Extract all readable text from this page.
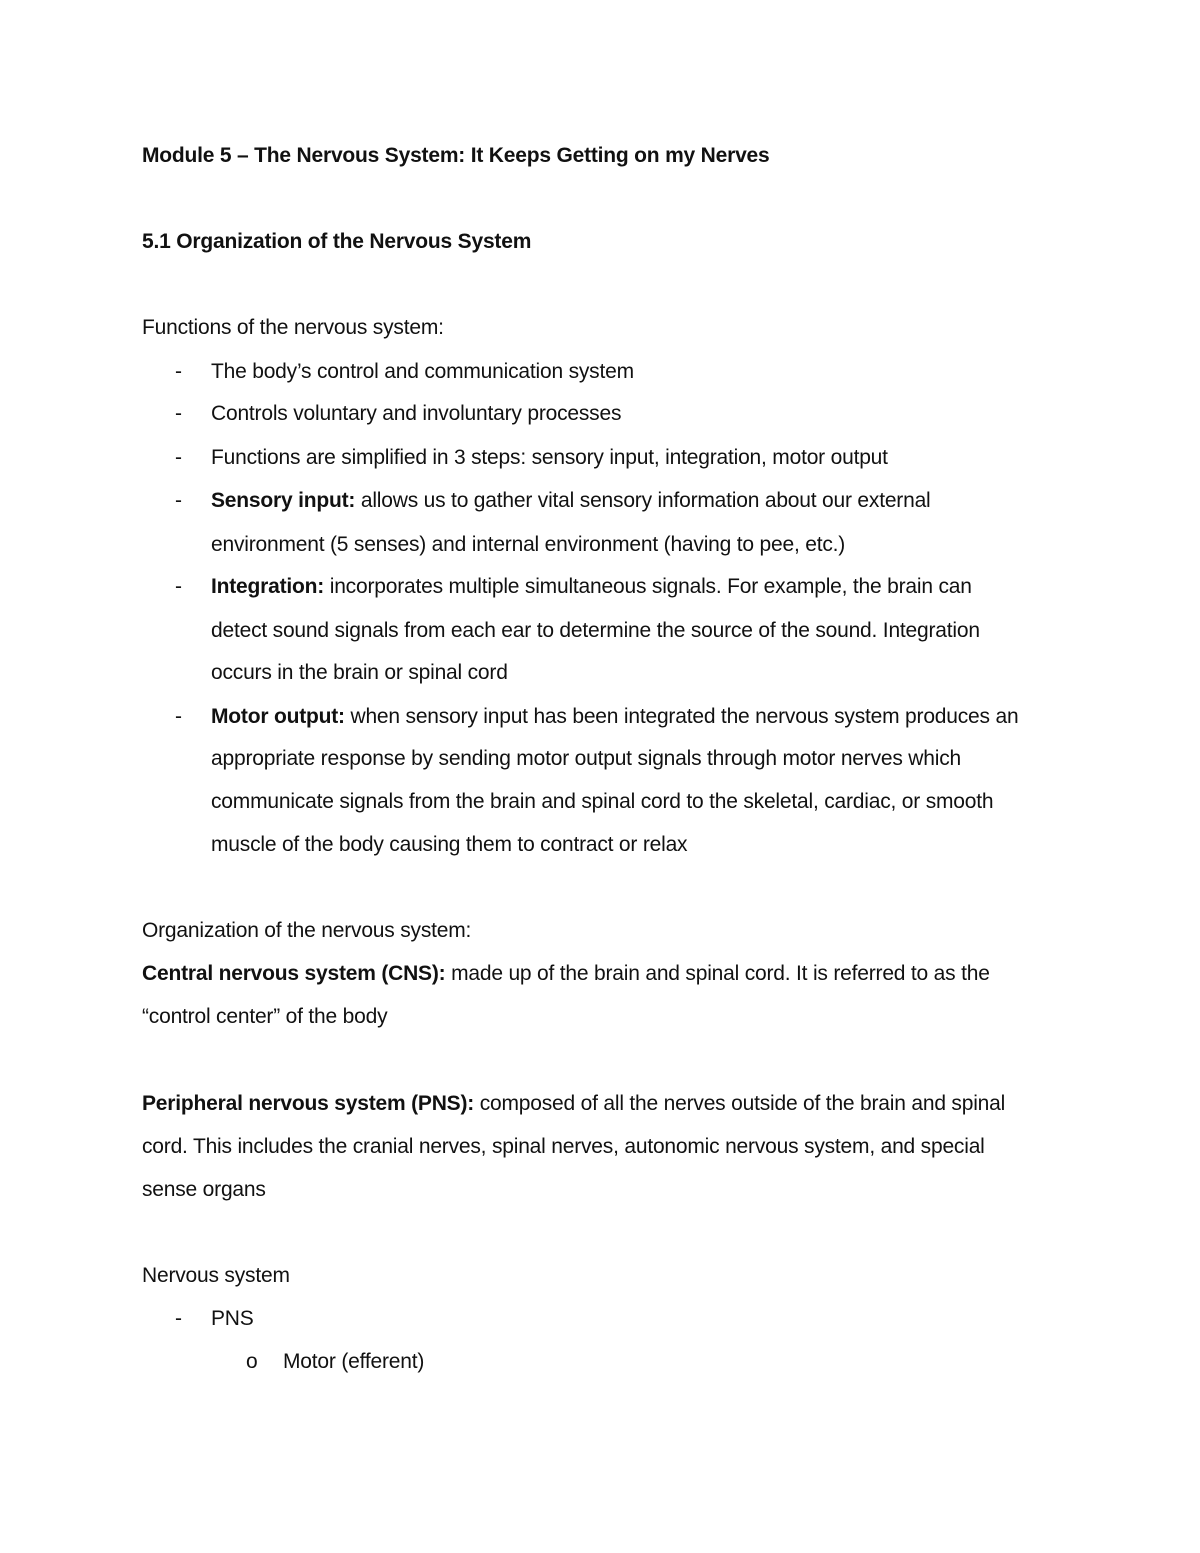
Module 5 – The Nervous System: It Keeps Getting on my Nerves
5.1 Organization of the Nervous System
Functions of the nervous system:
- The body’s control and communication system
- Controls voluntary and involuntary processes
- Functions are simplified in 3 steps: sensory input, integration, motor output
- Sensory input: allows us to gather vital sensory information about our external
environment (5 senses) and internal environment (having to pee, etc.)
- Integration: incorporates multiple simultaneous signals. For example, the brain can
detect sound signals from each ear to determine the source of the sound. Integration
occurs in the brain or spinal cord
- Motor output: when sensory input has been integrated the nervous system produces an
appropriate response by sending motor output signals through motor nerves which
communicate signals from the brain and spinal cord to the skeletal, cardiac, or smooth
muscle of the body causing them to contract or relax
Organization of the nervous system:
Central nervous system (CNS): made up of the brain and spinal cord. It is referred to as the
“control center” of the body
Peripheral nervous system (PNS): composed of all the nerves outside of the brain and spinal
cord. This includes the cranial nerves, spinal nerves, autonomic nervous system, and special
sense organs
Nervous system
- PNS
o Motor (efferent)
